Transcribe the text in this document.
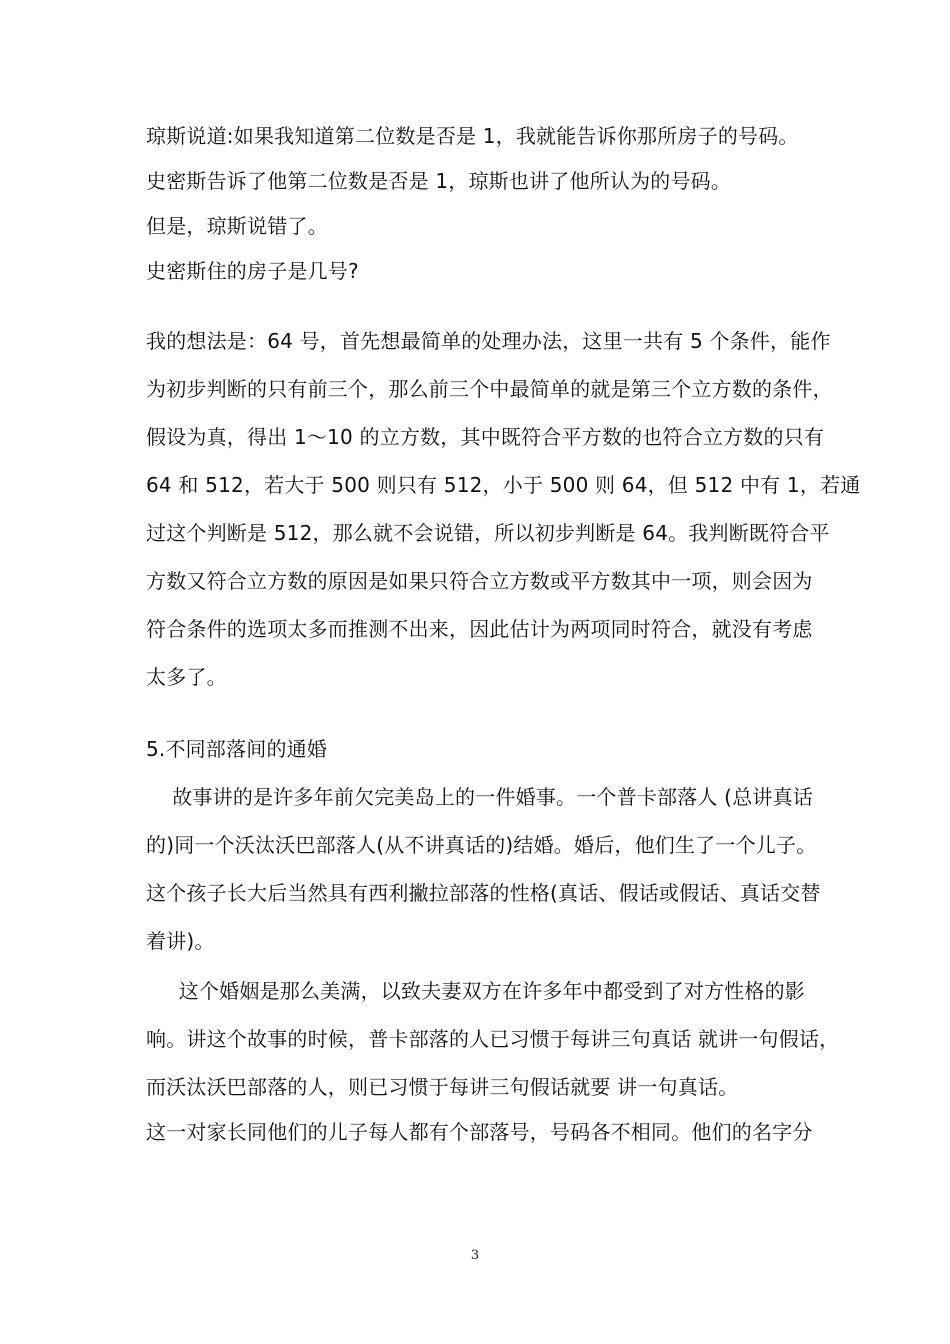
琼斯说道:如果我知道第二位数是否是 1，我就能告诉你那所房子的号码。
史密斯告诉了他第二位数是否是 1，琼斯也讲了他所认为的号码。
但是，琼斯说错了。
史密斯住的房子是几号?
我的想法是：64 号，首先想最简单的处理办法，这里一共有 5 个条件，能作
为初步判断的只有前三个，那么前三个中最简单的就是第三个立方数的条件，
假设为真，得出 1～10 的立方数，其中既符合平方数的也符合立方数的只有
64 和 512，若大于 500 则只有 512，小于 500 则 64，但 512 中有 1，若通
过这个判断是 512，那么就不会说错，所以初步判断是 64。我判断既符合平
方数又符合立方数的原因是如果只符合立方数或平方数其中一项，则会因为
符合条件的选项太多而推测不出来，因此估计为两项同时符合，就没有考虑
太多了。
5.不同部落间的通婚
故事讲的是许多年前欠完美岛上的一件婚事。一个普卡部落人 (总讲真话
的)同一个沃汰沃巴部落人(从不讲真话的)结婚。婚后，他们生了一个儿子。
这个孩子长大后当然具有西利撇拉部落的性格(真话、假话或假话、真话交替
着讲)。
这个婚姻是那么美满，以致夫妻双方在许多年中都受到了对方性格的影
响。讲这个故事的时候，普卡部落的人已习惯于每讲三句真话 就讲一句假话，
而沃汰沃巴部落的人，则已习惯于每讲三句假话就要 讲一句真话。
这一对家长同他们的儿子每人都有个部落号，号码各不相同。他们的名字分
3
